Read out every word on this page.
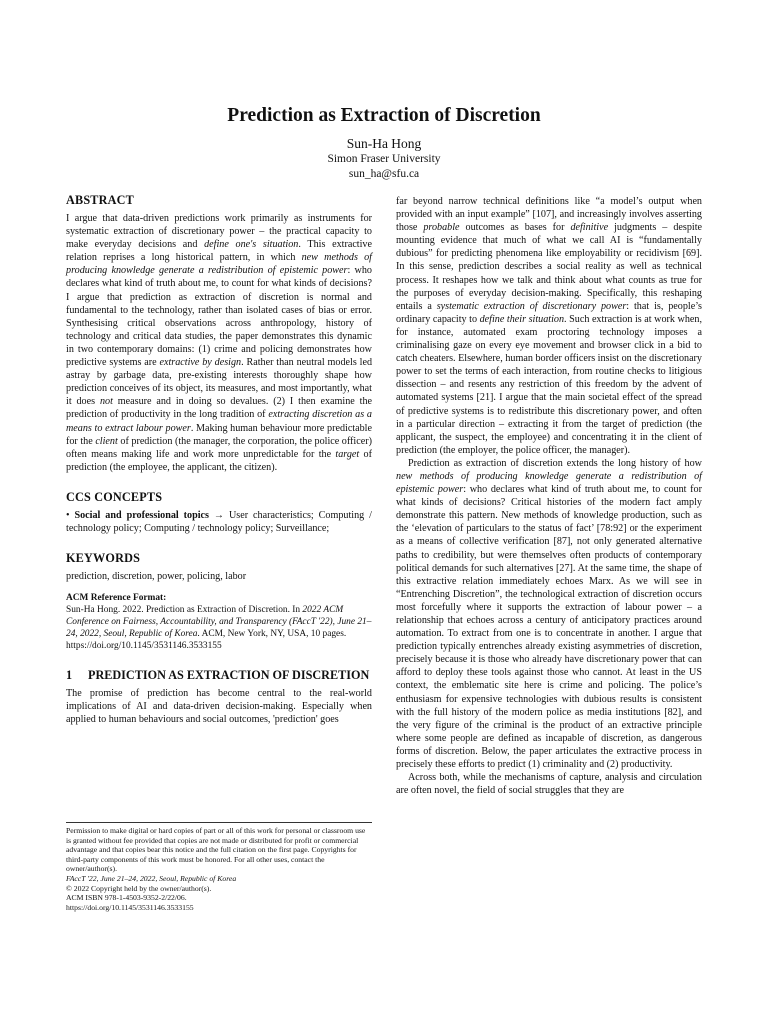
Prediction as Extraction of Discretion
Sun-Ha Hong
Simon Fraser University
sun_ha@sfu.ca
ABSTRACT

I argue that data-driven predictions work primarily as instruments for systematic extraction of discretionary power – the practical capacity to make everyday decisions and define one's situation. This extractive relation reprises a long historical pattern, in which new methods of producing knowledge generate a redistribution of epistemic power: who declares what kind of truth about me, to count for what kinds of decisions? I argue that prediction as extraction of discretion is normal and fundamental to the technology, rather than isolated cases of bias or error. Synthesising critical observations across anthropology, history of technology and critical data studies, the paper demonstrates this dynamic in two contemporary domains: (1) crime and policing demonstrates how predictive systems are extractive by design. Rather than neutral models led astray by garbage data, pre-existing interests thoroughly shape how prediction conceives of its object, its measures, and most importantly, what it does not measure and in doing so devalues. (2) I then examine the prediction of productivity in the long tradition of extracting discretion as a means to extract labour power. Making human behaviour more predictable for the client of prediction (the manager, the corporation, the police officer) often means making life and work more unpredictable for the target of prediction (the employee, the applicant, the citizen).

CCS CONCEPTS

• Social and professional topics → User characteristics; Computing / technology policy; Computing / technology policy; Surveillance;

KEYWORDS

prediction, discretion, power, policing, labor

ACM Reference Format:
Sun-Ha Hong. 2022. Prediction as Extraction of Discretion. In 2022 ACM Conference on Fairness, Accountability, and Transparency (FAccT '22), June 21–24, 2022, Seoul, Republic of Korea. ACM, New York, NY, USA, 10 pages. https://doi.org/10.1145/3531146.3533155
1	PREDICTION AS EXTRACTION OF DISCRETION

The promise of prediction has become central to the real-world implications of AI and data-driven decision-making. Especially when applied to human behaviours and social outcomes, 'prediction' goes

Permission to make digital or hard copies of part or all of this work for personal or classroom use is granted without fee provided that copies are not made or distributed for profit or commercial advantage and that copies bear this notice and the full citation on the first page. Copyrights for third-party components of this work must be honored. For all other uses, contact the owner/author(s).
FAccT '22, June 21–24, 2022, Seoul, Republic of Korea
© 2022 Copyright held by the owner/author(s).
ACM ISBN 978-1-4503-9352-2/22/06.
https://doi.org/10.1145/3531146.3533155

far beyond narrow technical definitions like “a model’s output when provided with an input example” [107], and increasingly involves asserting those probable outcomes as bases for definitive judgments – despite mounting evidence that much of what we call AI is “fundamentally dubious” for predicting phenomena like employability or recidivism [69]. In this sense, prediction describes a social reality as well as technical process. It reshapes how we talk and think about what counts as true for the purposes of everyday decision-making. Specifically, this reshaping entails a systematic extraction of discretionary power: that is, people’s ordinary capacity to define their situation. Such extraction is at work when, for instance, automated exam proctoring technology imposes a criminalising gaze on every eye movement and browser click in a bid to catch cheaters. Elsewhere, human border officers insist on the discretionary power to set the terms of each interaction, from routine checks to litigious dissection – and resents any restriction of this freedom by the advent of automated systems [21]. I argue that the main societal effect of the spread of predictive systems is to redistribute this discretionary power, and often in a particular direction – extracting it from the target of prediction (the applicant, the suspect, the employee) and concentrating it in the client of prediction (the employer, the police officer, the manager).

Prediction as extraction of discretion extends the long history of how new methods of producing knowledge generate a redistribution of epistemic power: who declares what kind of truth about me, to count for what kinds of decisions? Critical histories of the modern fact amply demonstrate this pattern. New methods of knowledge production, such as the ‘elevation of particulars to the status of fact’ [78:92] or the experiment as a means of collective verification [87], not only generated alternative paths to credibility, but were themselves often products of contemporary political demands for such alternatives [27]. At the same time, the shape of this extractive relation immediately echoes Marx. As we will see in “Entrenching Discretion”, the technological extraction of discretion occurs most forcefully where it supports the extraction of labour power – a relationship that echoes across a century of anticipatory practices around automation. To extract from one is to concentrate in another. I argue that prediction typically entrenches already existing asymmetries of discretion, precisely because it is those who already have discretionary power that can afford to deploy these tools against those who cannot. At least in the US context, the emblematic site here is crime and policing. The police’s enthusiasm for expensive technologies with dubious results is consistent with the full history of the modern police as media institutions [82], and the very figure of the criminal is the product of an extractive principle where some people are defined as incapable of discretion, as dangerous forms of discretion. Below, the paper articulates the extractive process in precisely these efforts to predict (1) criminality and (2) productivity.

Across both, while the mechanisms of capture, analysis and circulation are often novel, the field of social struggles that they are
